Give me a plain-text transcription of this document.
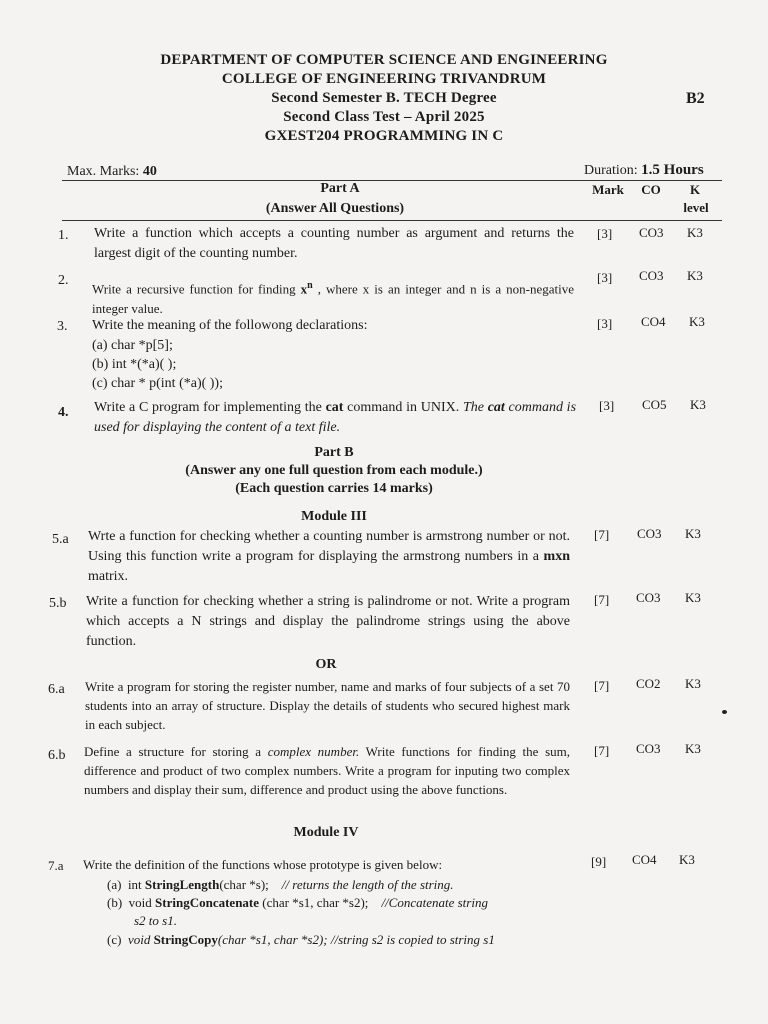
DEPARTMENT OF COMPUTER SCIENCE AND ENGINEERING
COLLEGE OF ENGINEERING TRIVANDRUM
Second Semester B. TECH Degree	B2
Second Class Test – April 2025
GXEST204 PROGRAMMING IN C
Max. Marks: 40	Duration: 1.5 Hours
Part A
(Answer All Questions)
Mark	CO	K
level
1. Write a function which accepts a counting number as argument and returns the largest digit of the counting number.
[3] CO3 K3
2.
Write a recursive function for finding $x^n$ , where x is an integer and n is a non-negative integer value.
[3] CO3 K3
3. Write the meaning of the followong declarations:
(a) char *p[5];
(b) int *(*a)( );
(c) char * p(int (*a)( ));
[3] CO4 K3
4. Write a C program for implementing the cat command in UNIX. The cat command is used for displaying the content of a text file.
[3] CO5 K3
Part B
(Answer any one full question from each module.)
(Each question carries 14 marks)
Module III
5.a Wrte a function for checking whether a counting number is armstrong number or not. Using this function write a program for displaying the armstrong numbers in a mxn matrix.
[7] CO3 K3
5.b Write a function for checking whether a string is palindrome or not. Write a program which accepts a N strings and display the palindrome strings using the above function.
[7] CO3 K3
OR
6.a Write a program for storing the register number, name and marks of four subjects of a set 70 students into an array of structure. Display the details of students who secured highest mark in each subject.
[7] CO2 K3
6.b Define a structure for storing a complex number. Write functions for finding the sum, difference and product of two complex numbers. Write a program for inputing two complex numbers and display their sum, difference and product using the above functions.
[7] CO3 K3
Module IV
7.a Write the definition of the functions whose prototype is given below:	[9] CO4 K3
(a) int StringLength(char *s); // returns the length of the string.
(b) void StringConcatenate (char *s1, char *s2); //Concatenate string
s2 to s1.
(c) void StringCopy(char *s1, char *s2); //string s2 is copied to string s1
